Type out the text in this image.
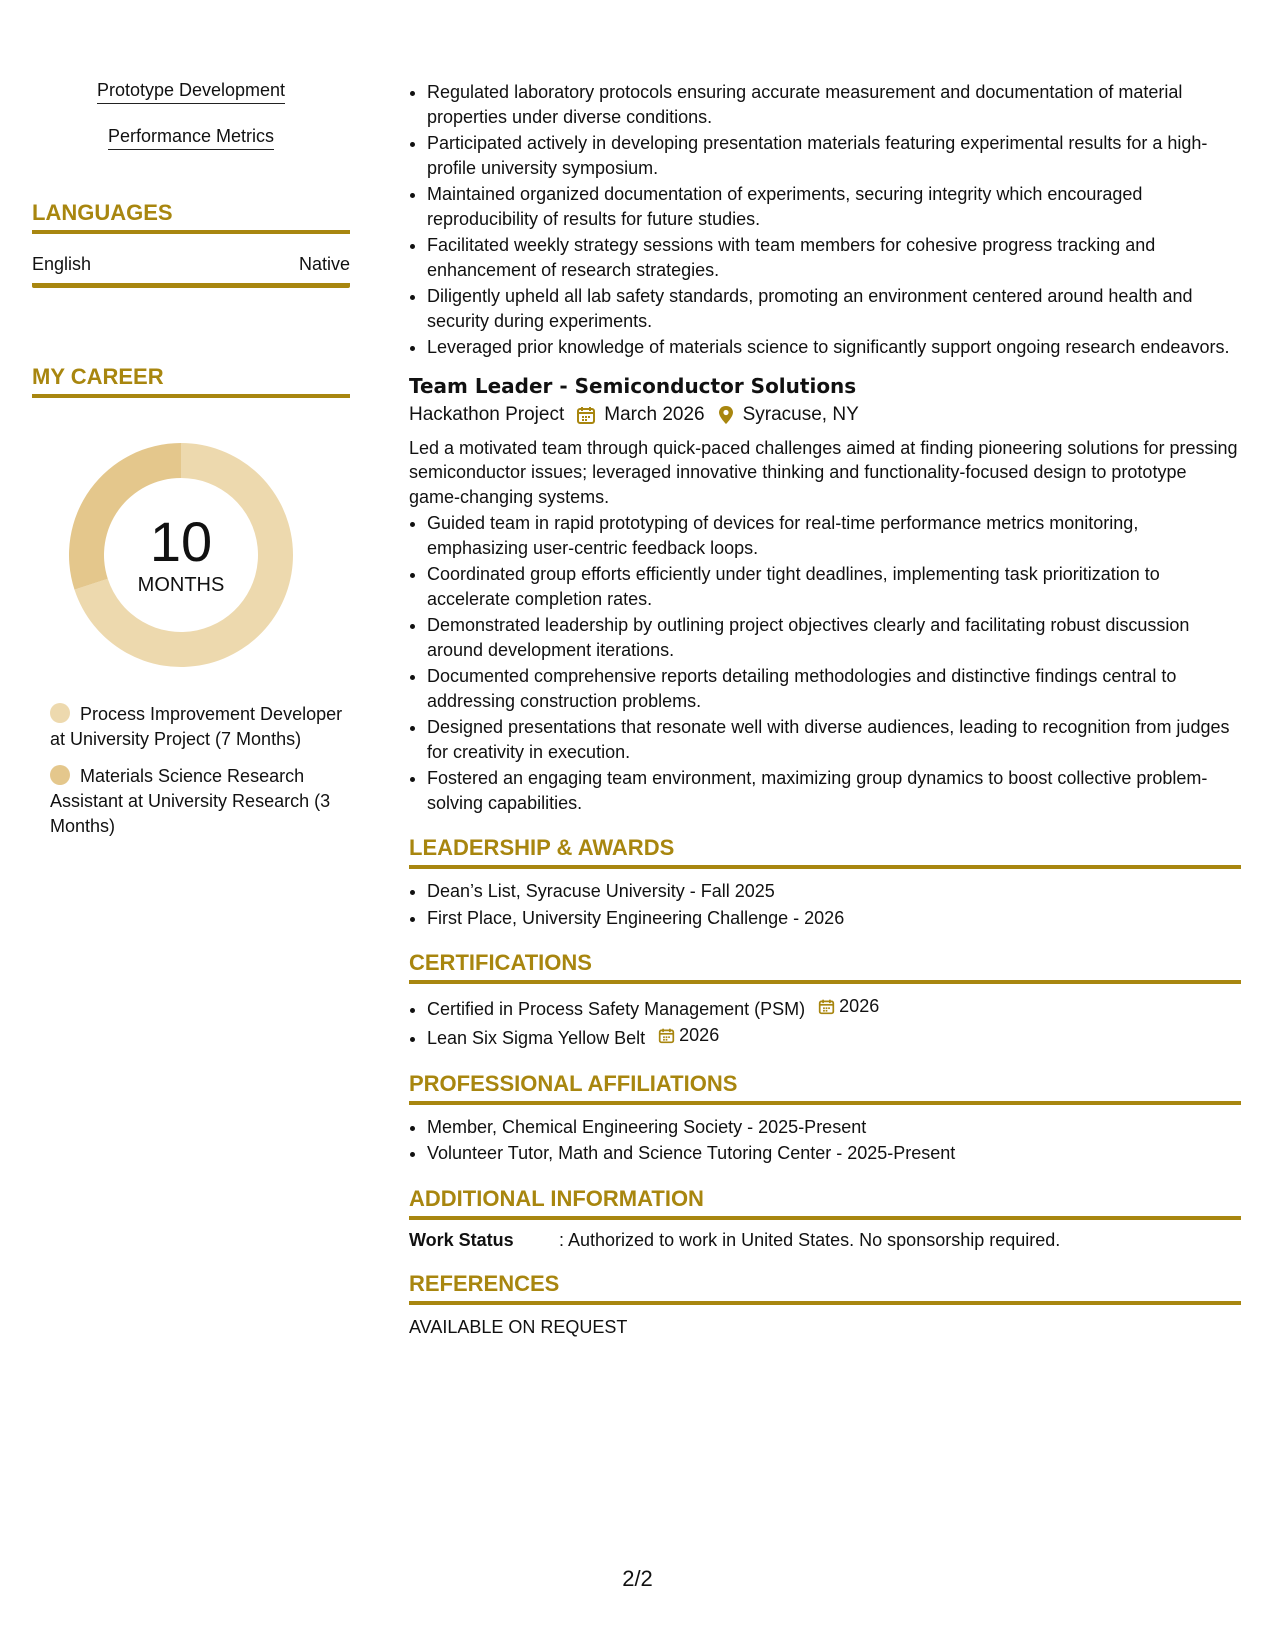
Prototype Development
Performance Metrics
LANGUAGES
English	Native
MY CAREER
10
MONTHS
Process Improvement Developer at University Project (7 Months)
Materials Science Research Assistant at University Research (3 Months)
• Regulated laboratory protocols ensuring accurate measurement and documentation of material properties under diverse conditions.
• Participated actively in developing presentation materials featuring experimental results for a high-profile university symposium.
• Maintained organized documentation of experiments, securing integrity which encouraged reproducibility of results for future studies.
• Facilitated weekly strategy sessions with team members for cohesive progress tracking and enhancement of research strategies.
• Diligently upheld all lab safety standards, promoting an environment centered around health and security during experiments.
• Leveraged prior knowledge of materials science to significantly support ongoing research endeavors.
Team Leader - Semiconductor Solutions
Hackathon Project March 2026 Syracuse, NY
Led a motivated team through quick-paced challenges aimed at finding pioneering solutions for pressing semiconductor issues; leveraged innovative thinking and functionality-focused design to prototype game-changing systems.
• Guided team in rapid prototyping of devices for real-time performance metrics monitoring, emphasizing user-centric feedback loops.
• Coordinated group efforts efficiently under tight deadlines, implementing task prioritization to accelerate completion rates.
• Demonstrated leadership by outlining project objectives clearly and facilitating robust discussion around development iterations.
• Documented comprehensive reports detailing methodologies and distinctive findings central to addressing construction problems.
• Designed presentations that resonate well with diverse audiences, leading to recognition from judges for creativity in execution.
• Fostered an engaging team environment, maximizing group dynamics to boost collective problem-solving capabilities.
LEADERSHIP & AWARDS
• Dean’s List, Syracuse University - Fall 2025
• First Place, University Engineering Challenge - 2026
CERTIFICATIONS
• Certified in Process Safety Management (PSM) 2026
• Lean Six Sigma Yellow Belt 2026
PROFESSIONAL AFFILIATIONS
• Member, Chemical Engineering Society - 2025-Present
• Volunteer Tutor, Math and Science Tutoring Center - 2025-Present
ADDITIONAL INFORMATION
Work Status	: Authorized to work in United States. No sponsorship required.
REFERENCES
AVAILABLE ON REQUEST
2/2
